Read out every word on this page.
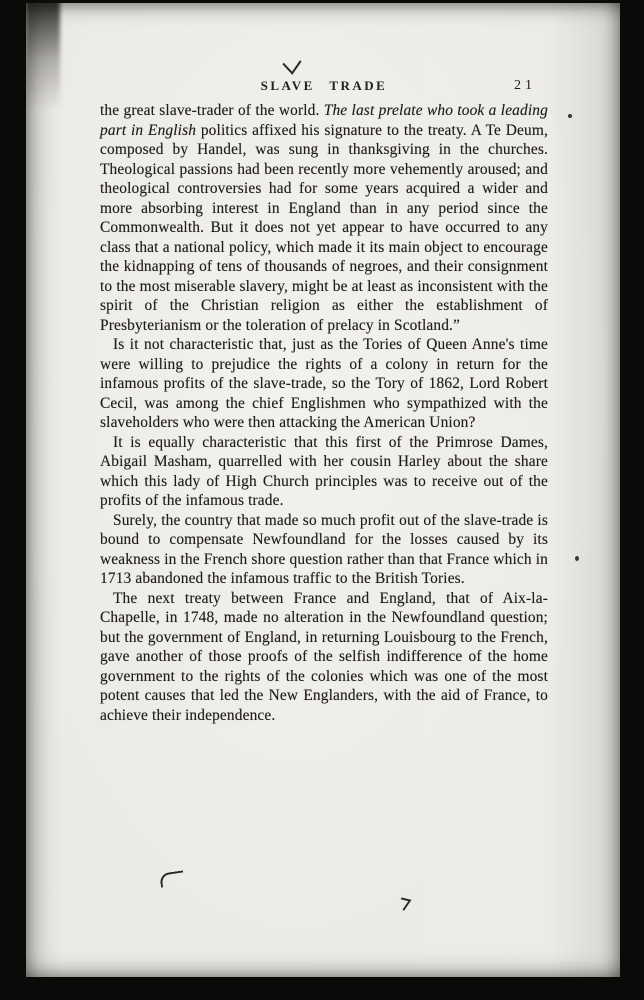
SLAVE TRADE	21

the great slave-trader of the world. The last prelate who took a leading part in English politics affixed his signature to the treaty. A Te Deum, composed by Handel, was sung in thanksgiving in the churches. Theological passions had been recently more vehemently aroused; and theological controversies had for some years acquired a wider and more absorbing interest in England than in any period since the Commonwealth. But it does not yet appear to have occurred to any class that a national policy, which made it its main object to encourage the kidnapping of tens of thousands of negroes, and their consignment to the most miserable slavery, might be at least as inconsistent with the spirit of the Christian religion as either the establishment of Presbyterianism or the toleration of prelacy in Scotland.”

Is it not characteristic that, just as the Tories of Queen Anne's time were willing to prejudice the rights of a colony in return for the infamous profits of the slave-trade, so the Tory of 1862, Lord Robert Cecil, was among the chief Englishmen who sympathized with the slaveholders who were then attacking the American Union?

It is equally characteristic that this first of the Primrose Dames, Abigail Masham, quarrelled with her cousin Harley about the share which this lady of High Church principles was to receive out of the profits of the infamous trade.

Surely, the country that made so much profit out of the slave-trade is bound to compensate Newfoundland for the losses caused by its weakness in the French shore question rather than that France which in 1713 abandoned the infamous traffic to the British Tories.

The next treaty between France and England, that of Aix-la-Chapelle, in 1748, made no alteration in the Newfoundland question; but the government of England, in returning Louisbourg to the French, gave another of those proofs of the selfish indifference of the home government to the rights of the colonies which was one of the most potent causes that led the New Englanders, with the aid of France, to achieve their independence.
